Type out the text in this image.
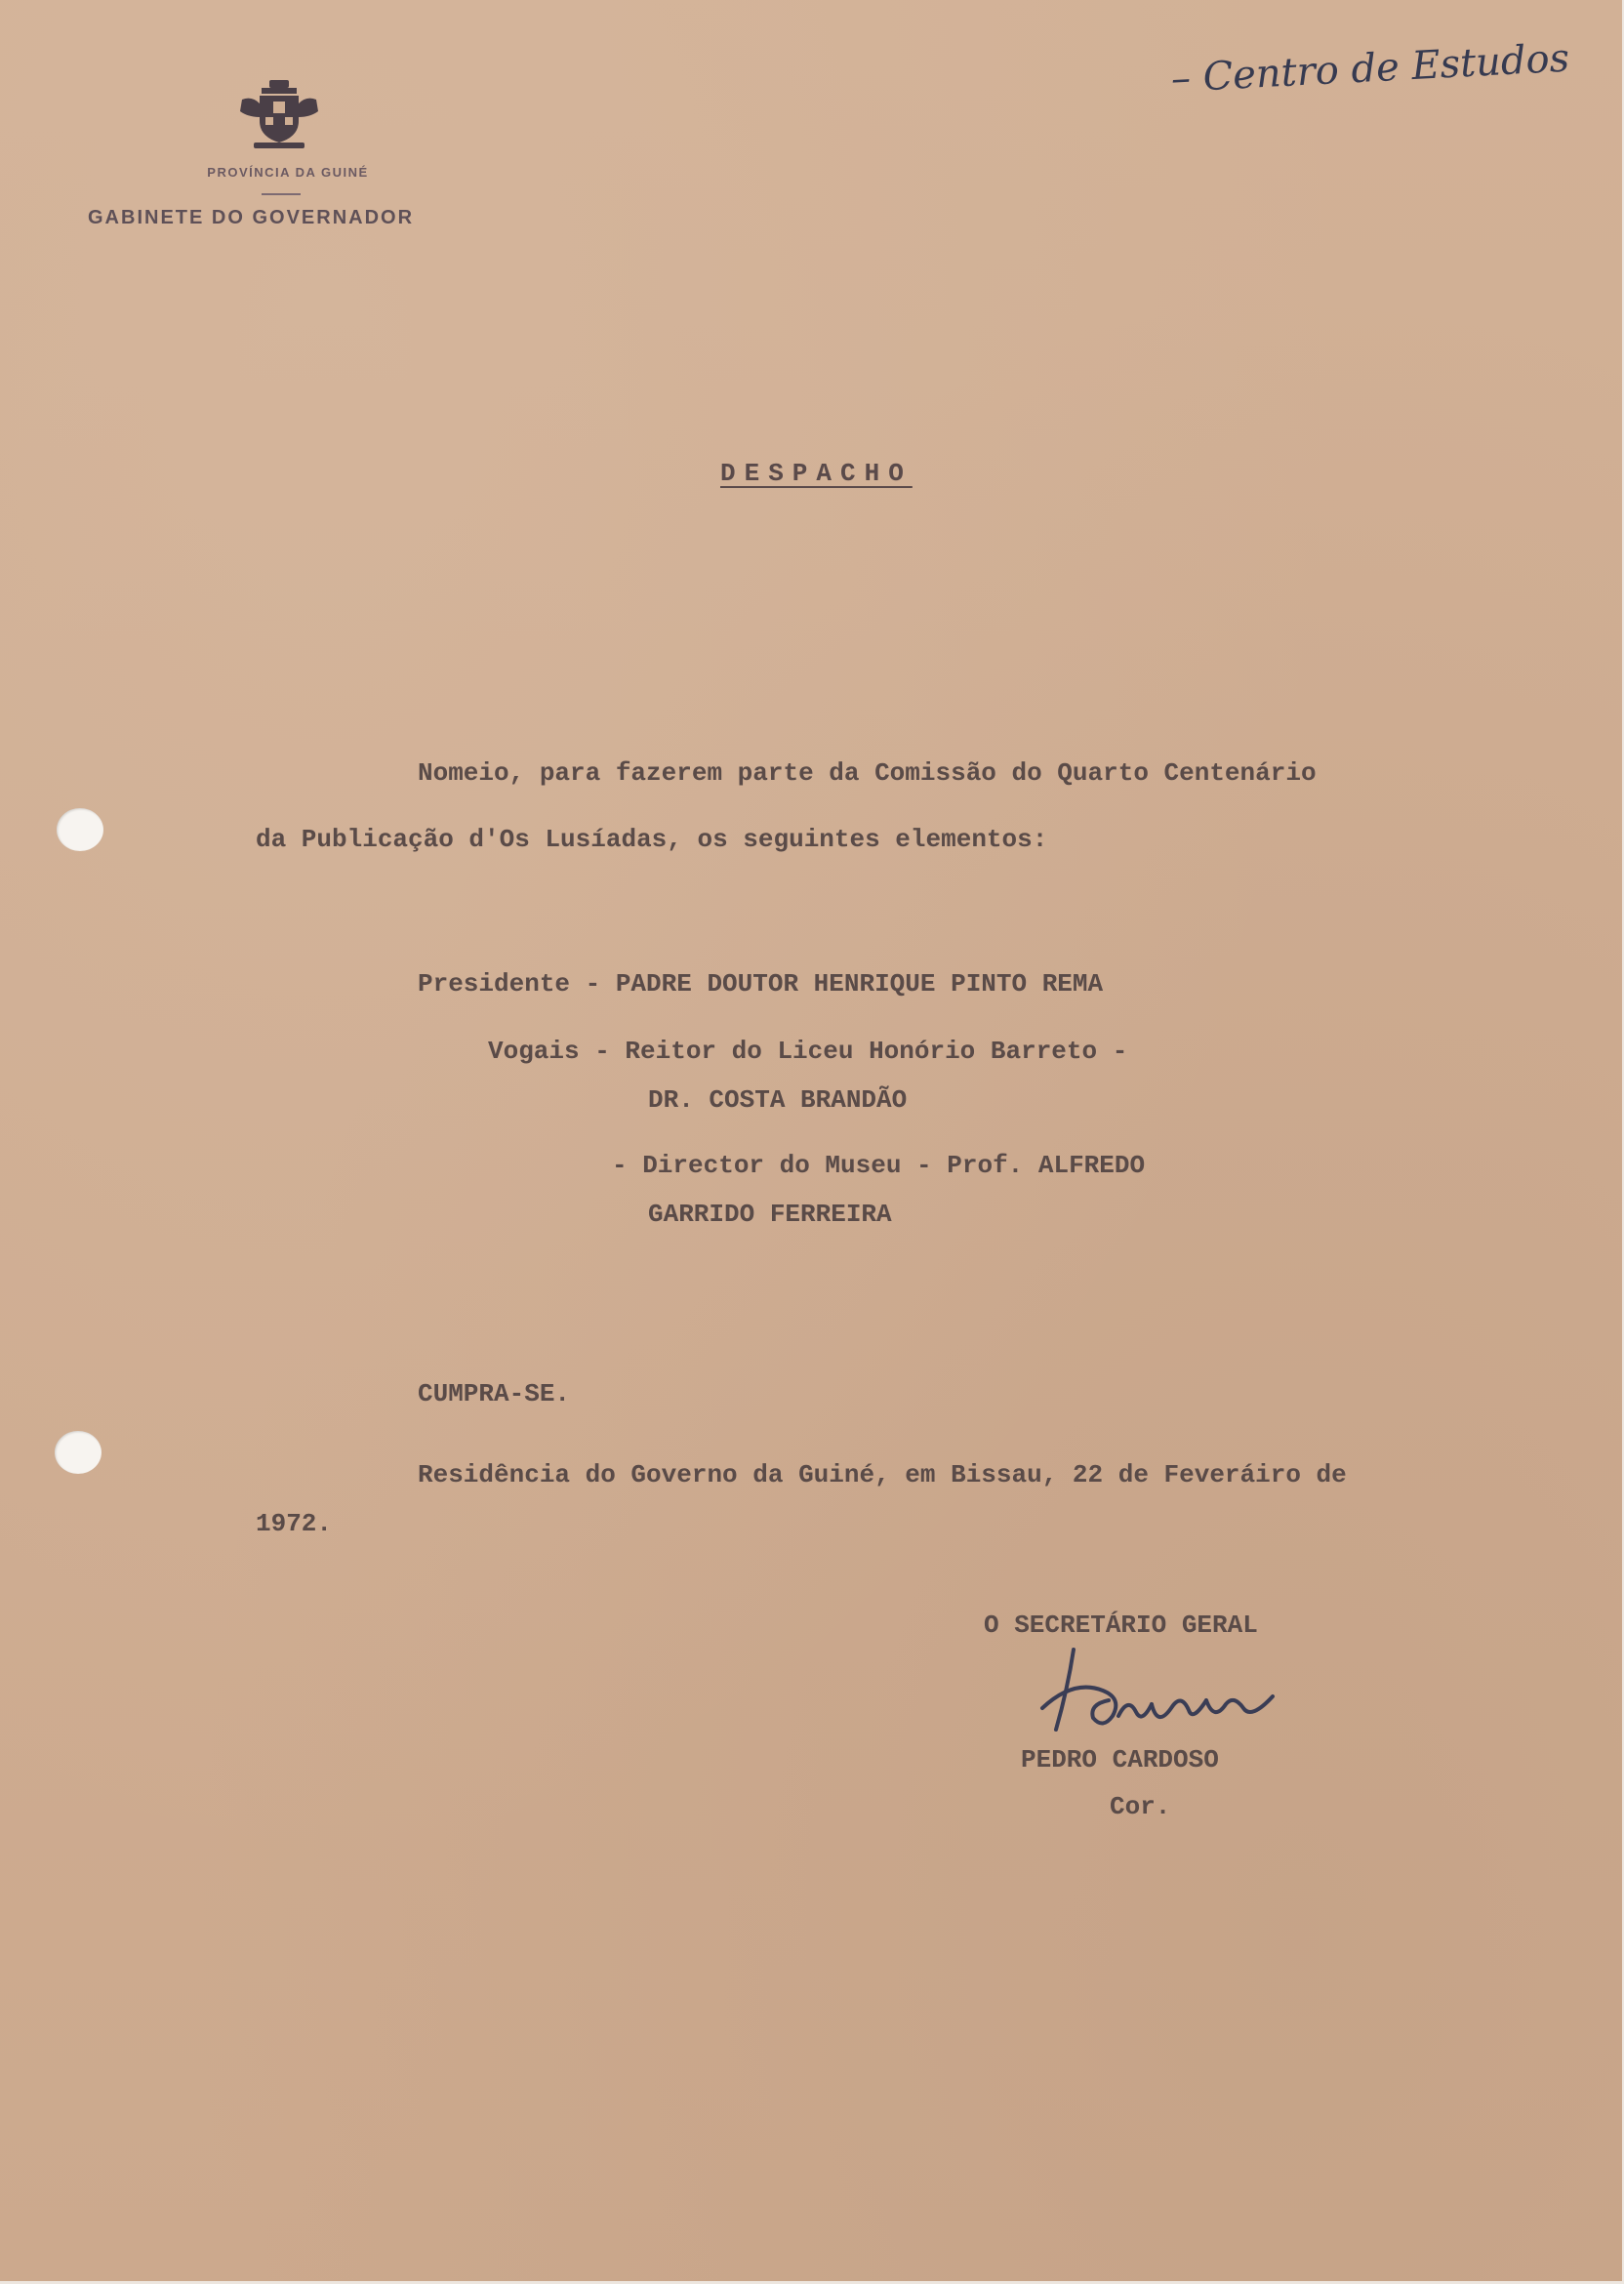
PROVÍNCIA DA GUINÉ
GABINETE DO GOVERNADOR
– Centro de Estudos
DESPACHO
Nomeio, para fazerem parte da Comissão do Quarto Centenário
da Publicação d'Os Lusíadas, os seguintes elementos:
Presidente - PADRE DOUTOR HENRIQUE PINTO REMA
Vogais - Reitor do Liceu Honório Barreto -
DR. COSTA BRANDÃO
- Director do Museu - Prof. ALFREDO
GARRIDO FERREIRA
CUMPRA-SE.
Residência do Governo da Guiné, em Bissau, 22 de Feveráiro de
1972.
O SECRETÁRIO GERAL
PEDRO CARDOSO
Cor.
